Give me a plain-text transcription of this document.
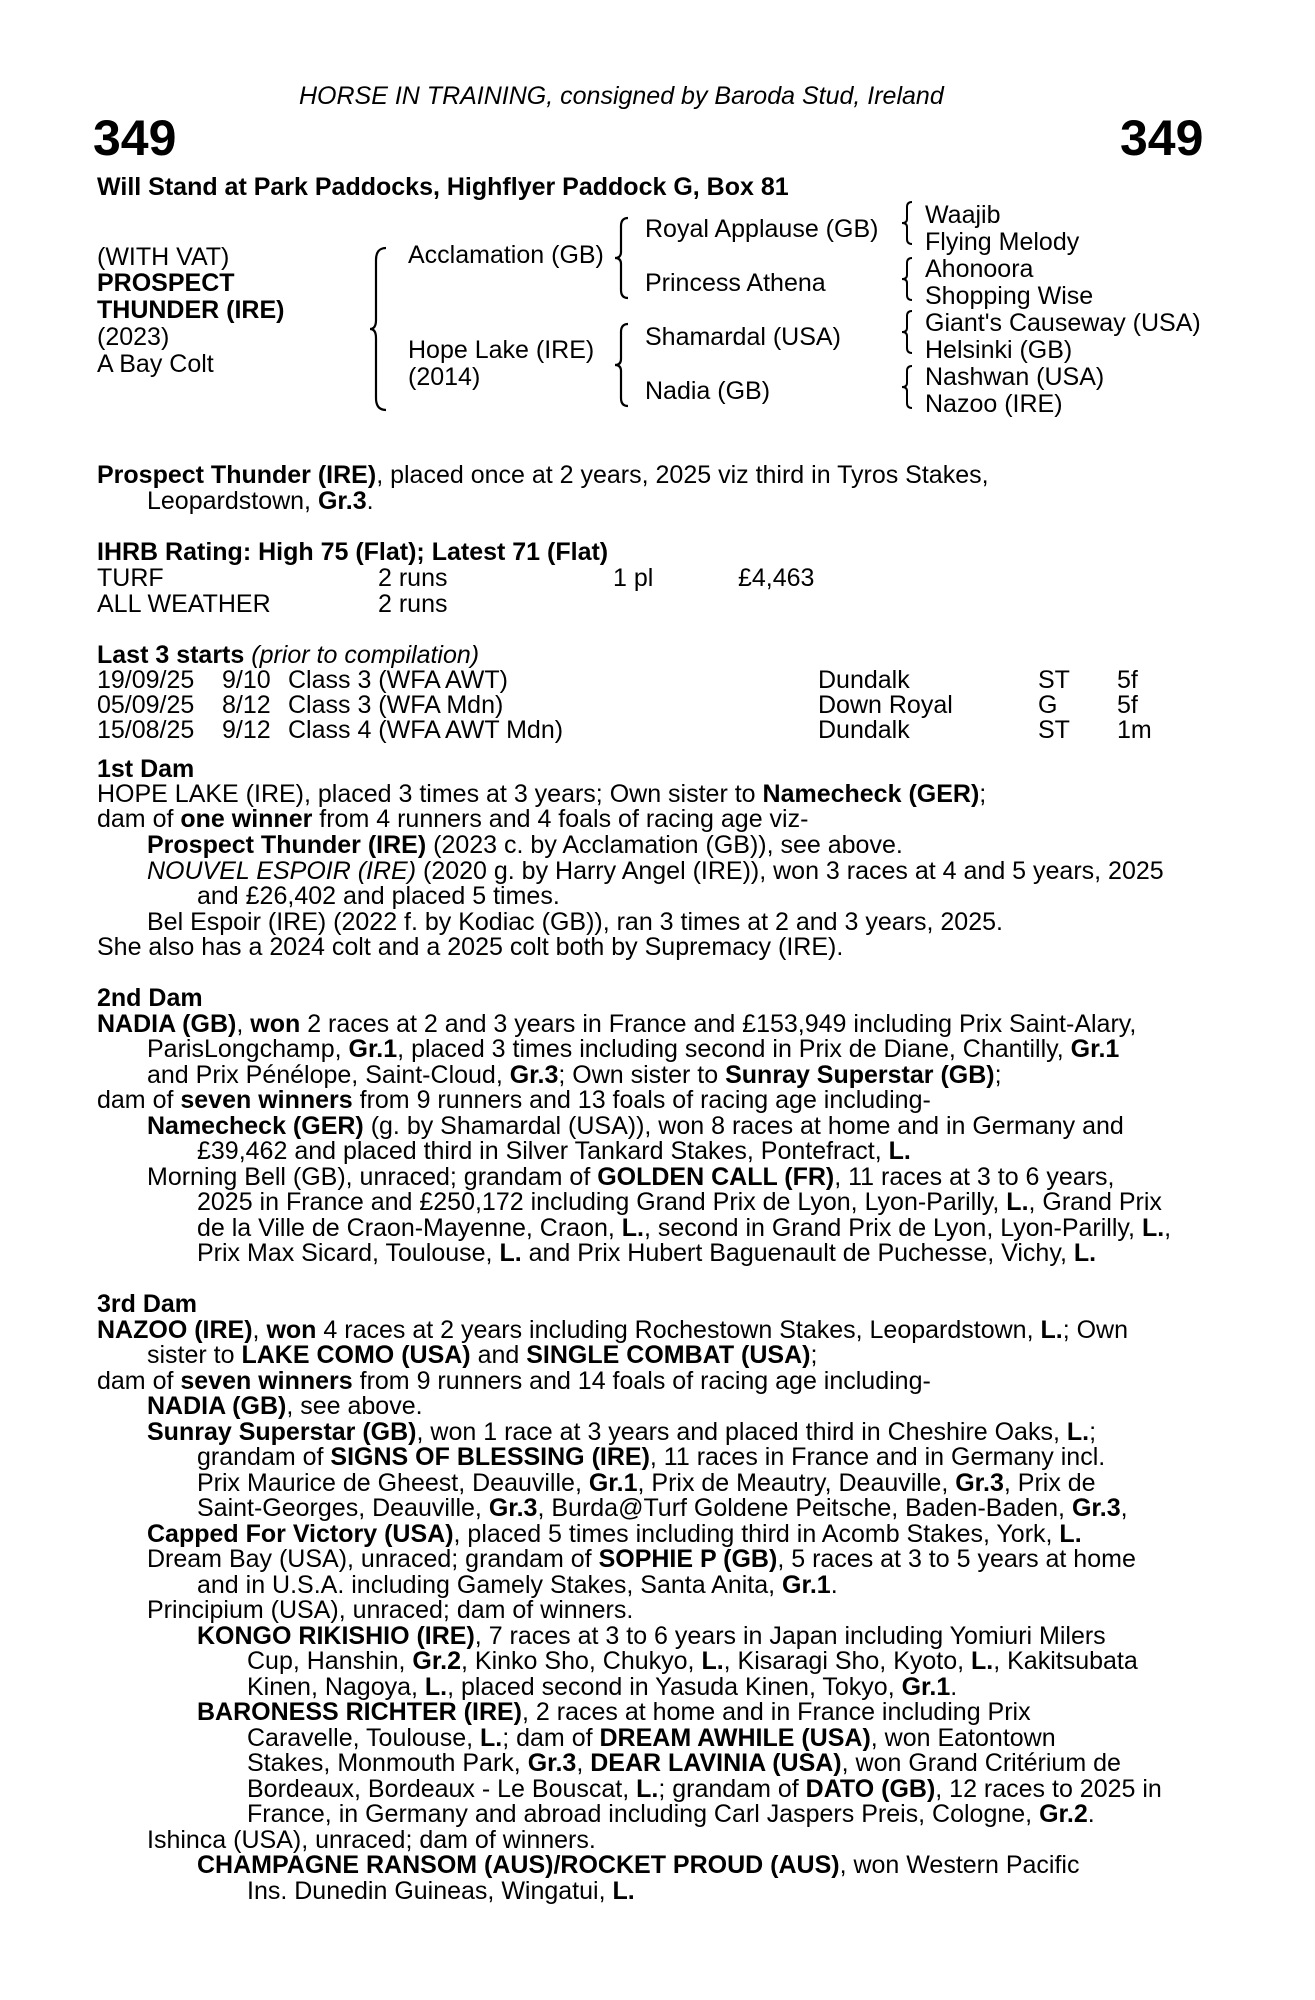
HORSE IN TRAINING, consigned by Baroda Stud, Ireland
349	349
Will Stand at Park Paddocks, Highflyer Paddock G, Box 81
(WITH VAT)
PROSPECT
THUNDER (IRE)
(2023)
A Bay Colt
Acclamation (GB)
Hope Lake (IRE)
(2014)
Royal Applause (GB)
Princess Athena
Shamardal (USA)
Nadia (GB)
Waajib
Flying Melody
Ahonoora
Shopping Wise
Giant's Causeway (USA)
Helsinki (GB)
Nashwan (USA)
Nazoo (IRE)
Prospect Thunder (IRE), placed once at 2 years, 2025 viz third in Tyros Stakes,
Leopardstown, Gr.3.
IHRB Rating: High 75 (Flat); Latest 71 (Flat)
TURF	2 runs	1 pl	£4,463
ALL WEATHER	2 runs
Last 3 starts (prior to compilation)
19/09/25 9/10 Class 3 (WFA AWT)	Dundalk	ST 5f
05/09/25 8/12 Class 3 (WFA Mdn)	Down Royal	G 5f
15/08/25 9/12 Class 4 (WFA AWT Mdn)	Dundalk	ST 1m
1st Dam
HOPE LAKE (IRE), placed 3 times at 3 years; Own sister to Namecheck (GER);
dam of one winner from 4 runners and 4 foals of racing age viz-
Prospect Thunder (IRE) (2023 c. by Acclamation (GB)), see above.
NOUVEL ESPOIR (IRE) (2020 g. by Harry Angel (IRE)), won 3 races at 4 and 5 years, 2025
and £26,402 and placed 5 times.
Bel Espoir (IRE) (2022 f. by Kodiac (GB)), ran 3 times at 2 and 3 years, 2025.
She also has a 2024 colt and a 2025 colt both by Supremacy (IRE).
2nd Dam
NADIA (GB), won 2 races at 2 and 3 years in France and £153,949 including Prix Saint-Alary,
ParisLongchamp, Gr.1, placed 3 times including second in Prix de Diane, Chantilly, Gr.1
and Prix Pénélope, Saint-Cloud, Gr.3; Own sister to Sunray Superstar (GB);
dam of seven winners from 9 runners and 13 foals of racing age including-
Namecheck (GER) (g. by Shamardal (USA)), won 8 races at home and in Germany and
£39,462 and placed third in Silver Tankard Stakes, Pontefract, L.
Morning Bell (GB), unraced; grandam of GOLDEN CALL (FR), 11 races at 3 to 6 years,
2025 in France and £250,172 including Grand Prix de Lyon, Lyon-Parilly, L., Grand Prix
de la Ville de Craon-Mayenne, Craon, L., second in Grand Prix de Lyon, Lyon-Parilly, L.,
Prix Max Sicard, Toulouse, L. and Prix Hubert Baguenault de Puchesse, Vichy, L.
3rd Dam
NAZOO (IRE), won 4 races at 2 years including Rochestown Stakes, Leopardstown, L.; Own
sister to LAKE COMO (USA) and SINGLE COMBAT (USA);
dam of seven winners from 9 runners and 14 foals of racing age including-
NADIA (GB), see above.
Sunray Superstar (GB), won 1 race at 3 years and placed third in Cheshire Oaks, L.;
grandam of SIGNS OF BLESSING (IRE), 11 races in France and in Germany incl.
Prix Maurice de Gheest, Deauville, Gr.1, Prix de Meautry, Deauville, Gr.3, Prix de
Saint-Georges, Deauville, Gr.3, Burda@Turf Goldene Peitsche, Baden-Baden, Gr.3,
Capped For Victory (USA), placed 5 times including third in Acomb Stakes, York, L.
Dream Bay (USA), unraced; grandam of SOPHIE P (GB), 5 races at 3 to 5 years at home
and in U.S.A. including Gamely Stakes, Santa Anita, Gr.1.
Principium (USA), unraced; dam of winners.
KONGO RIKISHIO (IRE), 7 races at 3 to 6 years in Japan including Yomiuri Milers
Cup, Hanshin, Gr.2, Kinko Sho, Chukyo, L., Kisaragi Sho, Kyoto, L., Kakitsubata
Kinen, Nagoya, L., placed second in Yasuda Kinen, Tokyo, Gr.1.
BARONESS RICHTER (IRE), 2 races at home and in France including Prix
Caravelle, Toulouse, L.; dam of DREAM AWHILE (USA), won Eatontown
Stakes, Monmouth Park, Gr.3, DEAR LAVINIA (USA), won Grand Critérium de
Bordeaux, Bordeaux - Le Bouscat, L.; grandam of DATO (GB), 12 races to 2025 in
France, in Germany and abroad including Carl Jaspers Preis, Cologne, Gr.2.
Ishinca (USA), unraced; dam of winners.
CHAMPAGNE RANSOM (AUS)/ROCKET PROUD (AUS), won Western Pacific
Ins. Dunedin Guineas, Wingatui, L.
